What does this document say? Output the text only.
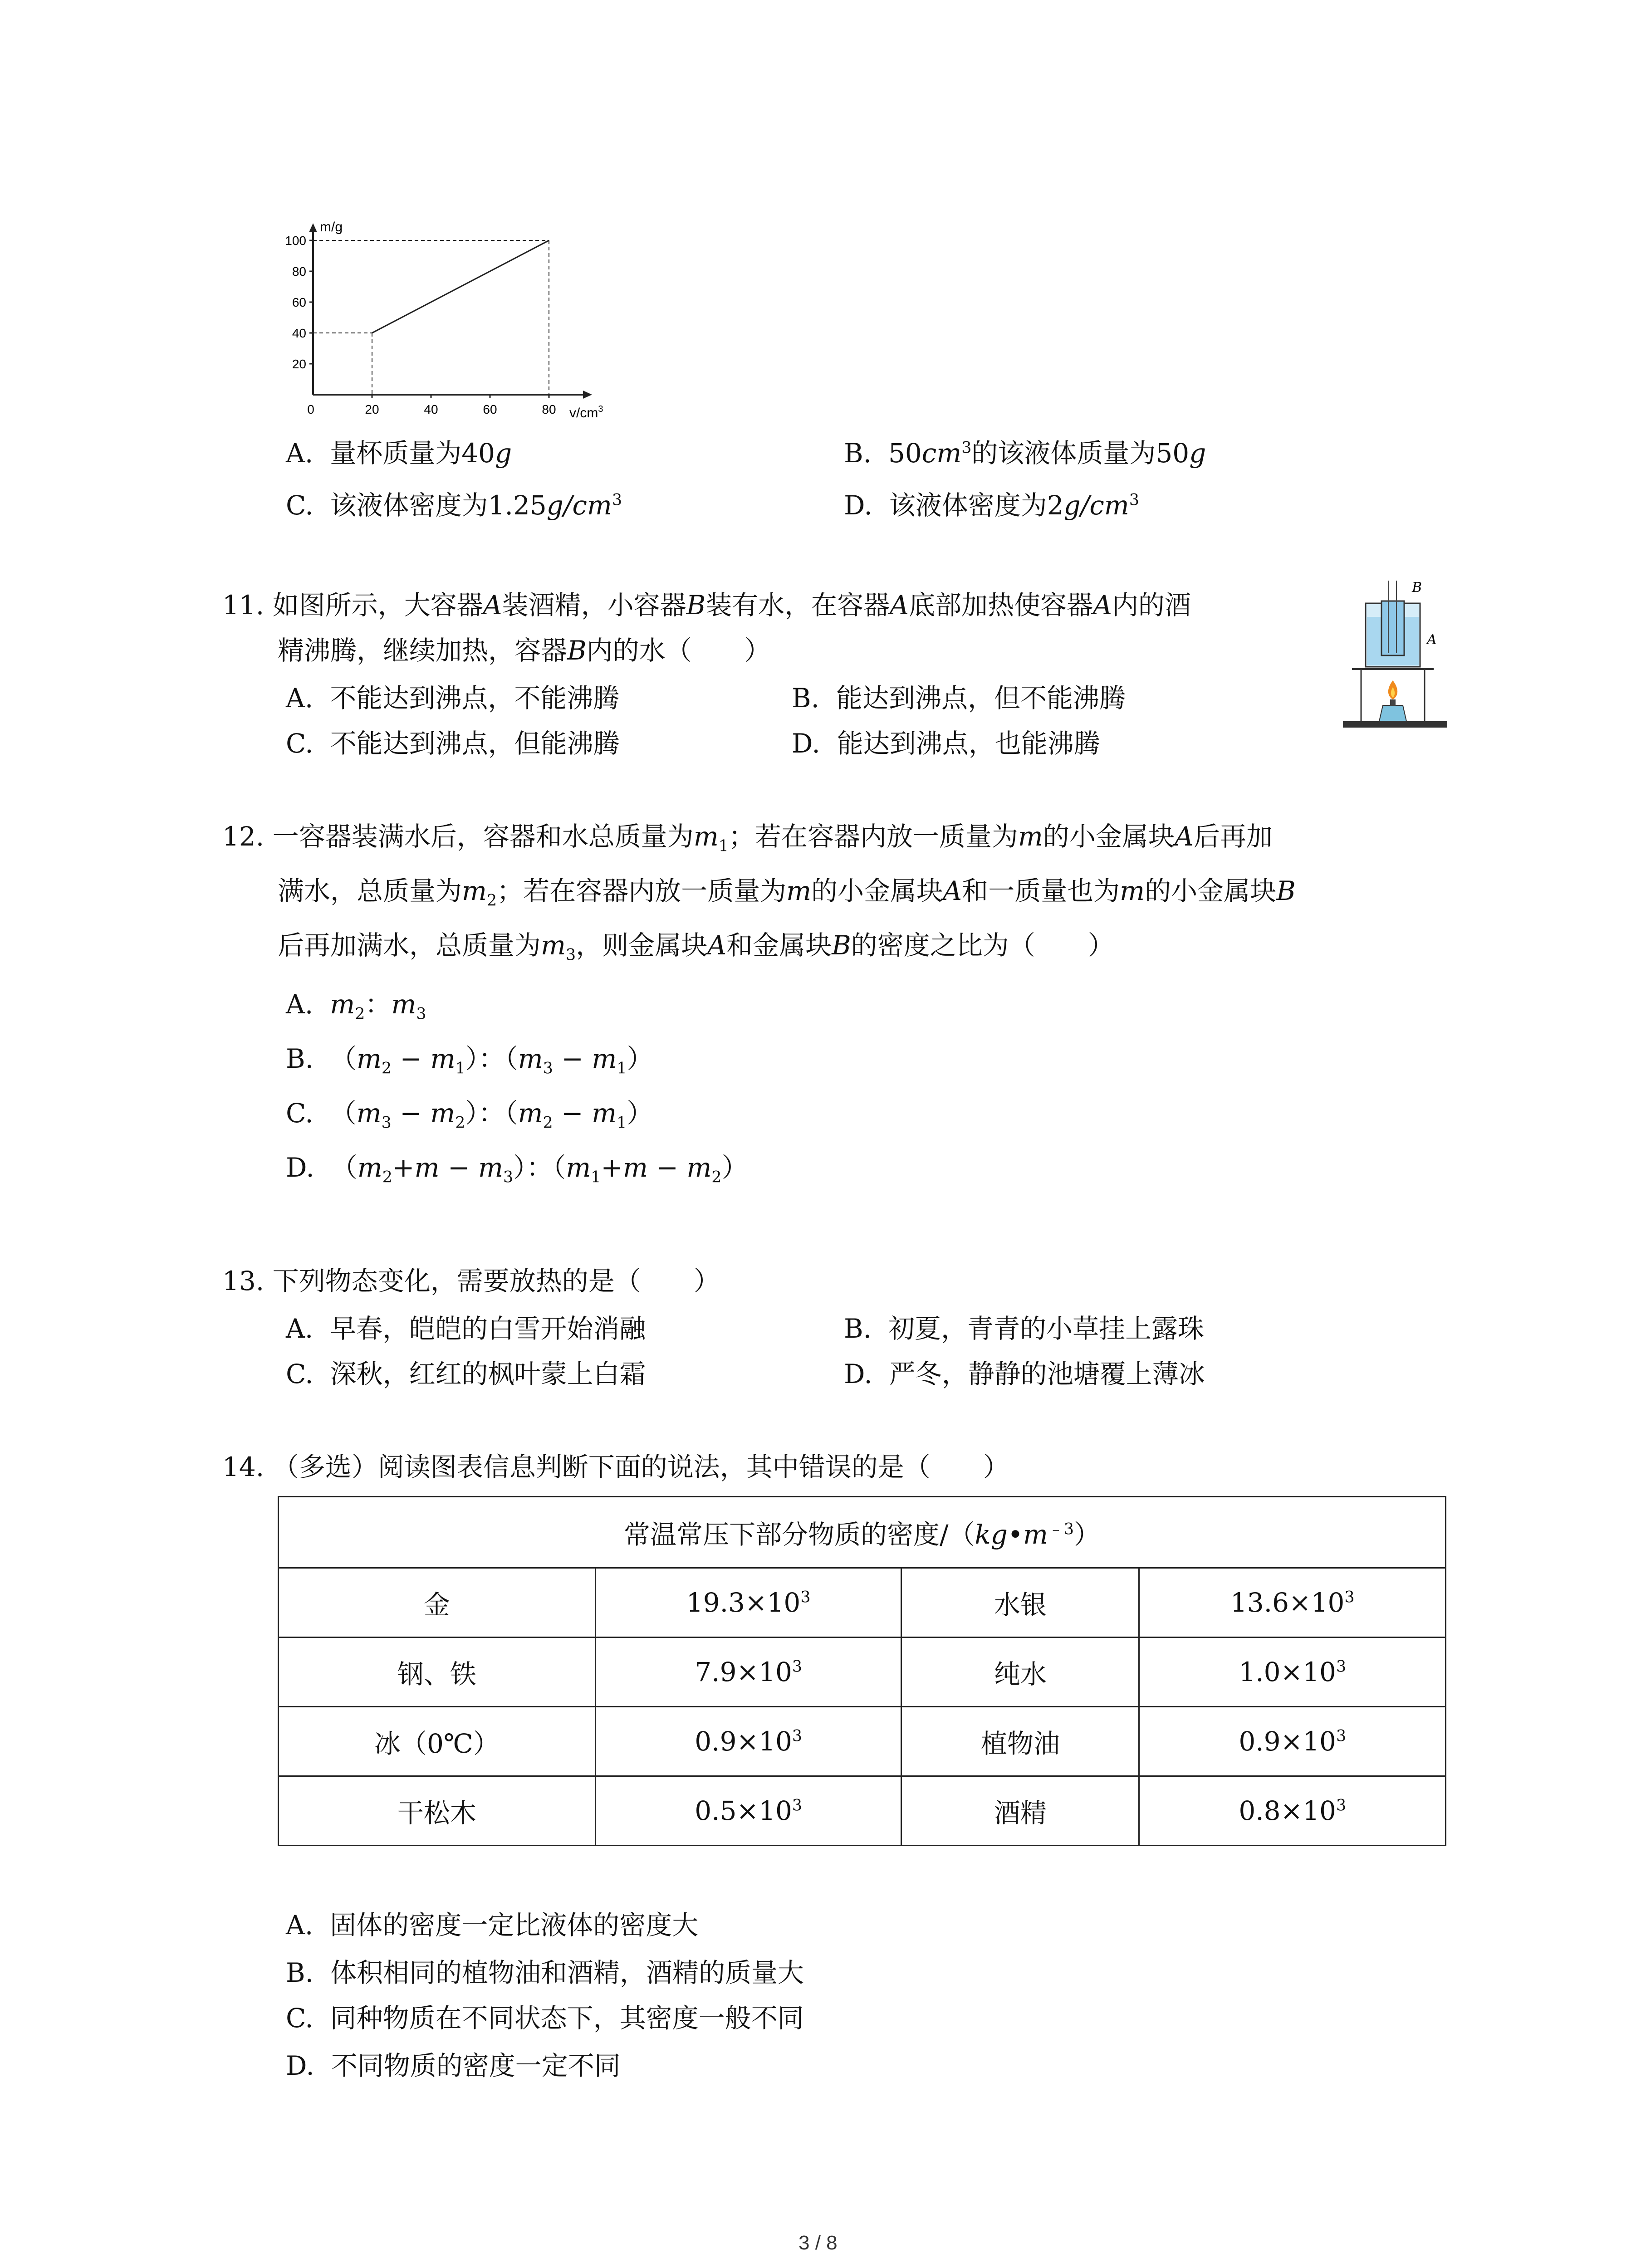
m/g
$v/cm^3$
20
40
60
80
100
0	20	40	60	80
A. 量杯质量为40g	B. $50cm^3$的该液体质量为50g
C. 该液体密度为$1.25g/cm^3$	D. 该液体密度为$2g/cm^3$
11. 如图所示，大容器A装酒精，小容器B装有水，在容器A底部加热使容器A内的酒
精沸腾，继续加热，容器B内的水（　　）
A. 不能达到沸点，不能沸腾	B. 能达到沸点，但不能沸腾
C. 不能达到沸点，但能沸腾	D. 能达到沸点，也能沸腾
B
A
12. 一容器装满水后，容器和水总质量为$m_1$；若在容器内放一质量为m的小金属块A后再加
满水，总质量为$m_2$；若在容器内放一质量为m的小金属块A和一质量也为m的小金属块B
后再加满水，总质量为$m_3$，则金属块A和金属块B的密度之比为（　　）
A. $m_2$：$m_3$
B. $(m_2 - m_1)$：$(m_3 - m_1)$
C. $(m_3 - m_2)$：$(m_2 - m_1)$
D. $(m_2+m - m_3)$：$(m_1+m - m_2)$
13. 下列物态变化，需要放热的是（　　）
A. 早春，皑皑的白雪开始消融	B. 初夏，青青的小草挂上露珠
C. 深秋，红红的枫叶蒙上白霜	D. 严冬，静静的池塘覆上薄冰
14. （多选）阅读图表信息判断下面的说法，其中错误的是（　　）
常温常压下部分物质的密度$/(kg•m^{﹣3})$			
金	$19.3\times 10^3$	水银	$13.6\times 10^3$
钢、铁	$7.9\times 10^3$	纯水	$1.0\times 10^3$
冰（0℃）	$0.9\times 10^3$	植物油	$0.9\times 10^3$
干松木	$0.5\times 10^3$	酒精	$0.8\times 10^3$
A. 固体的密度一定比液体的密度大
B. 体积相同的植物油和酒精，酒精的质量大
C. 同种物质在不同状态下，其密度一般不同
D. 不同物质的密度一定不同
3 / 8
